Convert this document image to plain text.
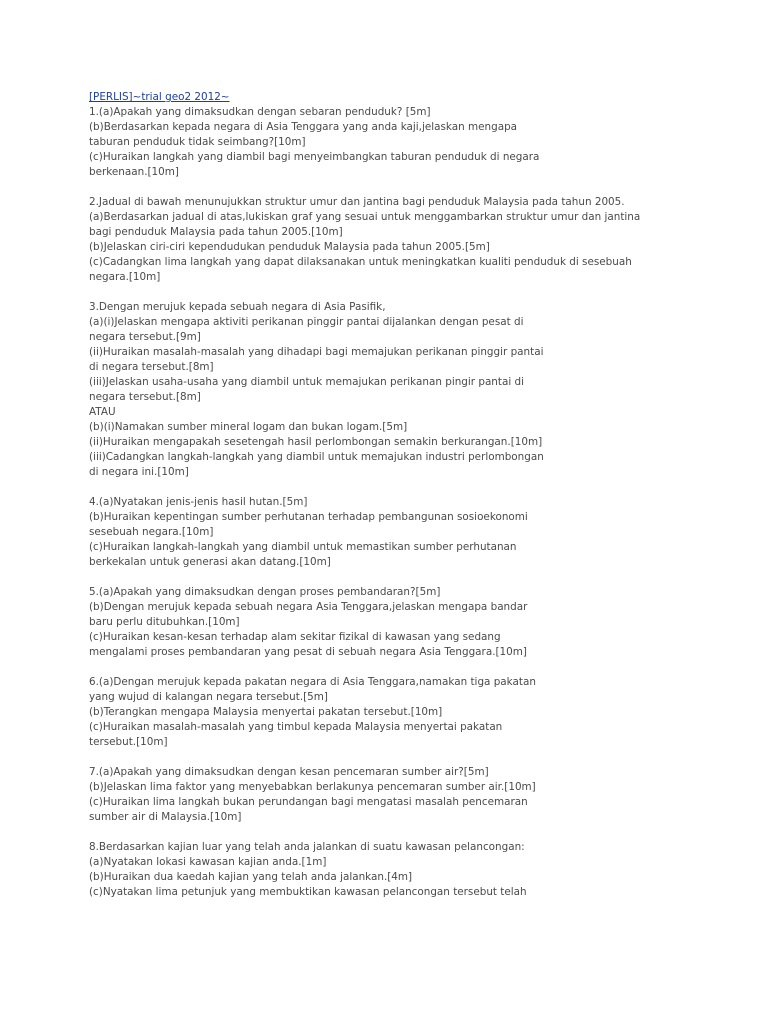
[PERLIS]~trial geo2 2012~
1.(a)Apakah yang dimaksudkan dengan sebaran penduduk? [5m]
(b)Berdasarkan kepada negara di Asia Tenggara yang anda kaji,jelaskan mengapa
taburan penduduk tidak seimbang?[10m]
(c)Huraikan langkah yang diambil bagi menyeimbangkan taburan penduduk di negara
berkenaan.[10m]
2.Jadual di bawah menunujukkan struktur umur dan jantina bagi penduduk Malaysia pada tahun 2005.
(a)Berdasarkan jadual di atas,lukiskan graf yang sesuai untuk menggambarkan struktur umur dan jantina
bagi penduduk Malaysia pada tahun 2005.[10m]
(b)Jelaskan ciri-ciri kependudukan penduduk Malaysia pada tahun 2005.[5m]
(c)Cadangkan lima langkah yang dapat dilaksanakan untuk meningkatkan kualiti penduduk di sesebuah
negara.[10m]
3.Dengan merujuk kepada sebuah negara di Asia Pasifik,
(a)(i)Jelaskan mengapa aktiviti perikanan pinggir pantai dijalankan dengan pesat di
negara tersebut.[9m]
(ii)Huraikan masalah-masalah yang dihadapi bagi memajukan perikanan pinggir pantai
di negara tersebut.[8m]
(iii)Jelaskan usaha-usaha yang diambil untuk memajukan perikanan pingir pantai di
negara tersebut.[8m]
ATAU
(b)(i)Namakan sumber mineral logam dan bukan logam.[5m]
(ii)Huraikan mengapakah sesetengah hasil perlombongan semakin berkurangan.[10m]
(iii)Cadangkan langkah-langkah yang diambil untuk memajukan industri perlombongan
di negara ini.[10m]
4.(a)Nyatakan jenis-jenis hasil hutan.[5m]
(b)Huraikan kepentingan sumber perhutanan terhadap pembangunan sosioekonomi
sesebuah negara.[10m]
(c)Huraikan langkah-langkah yang diambil untuk memastikan sumber perhutanan
berkekalan untuk generasi akan datang.[10m]
5.(a)Apakah yang dimaksudkan dengan proses pembandaran?[5m]
(b)Dengan merujuk kepada sebuah negara Asia Tenggara,jelaskan mengapa bandar
baru perlu ditubuhkan.[10m]
(c)Huraikan kesan-kesan terhadap alam sekitar fizikal di kawasan yang sedang
mengalami proses pembandaran yang pesat di sebuah negara Asia Tenggara.[10m]
6.(a)Dengan merujuk kepada pakatan negara di Asia Tenggara,namakan tiga pakatan
yang wujud di kalangan negara tersebut.[5m]
(b)Terangkan mengapa Malaysia menyertai pakatan tersebut.[10m]
(c)Huraikan masalah-masalah yang timbul kepada Malaysia menyertai pakatan
tersebut.[10m]
7.(a)Apakah yang dimaksudkan dengan kesan pencemaran sumber air?[5m]
(b)Jelaskan lima faktor yang menyebabkan berlakunya pencemaran sumber air.[10m]
(c)Huraikan lima langkah bukan perundangan bagi mengatasi masalah pencemaran
sumber air di Malaysia.[10m]
8.Berdasarkan kajian luar yang telah anda jalankan di suatu kawasan pelancongan:
(a)Nyatakan lokasi kawasan kajian anda.[1m]
(b)Huraikan dua kaedah kajian yang telah anda jalankan.[4m]
(c)Nyatakan lima petunjuk yang membuktikan kawasan pelancongan tersebut telah
